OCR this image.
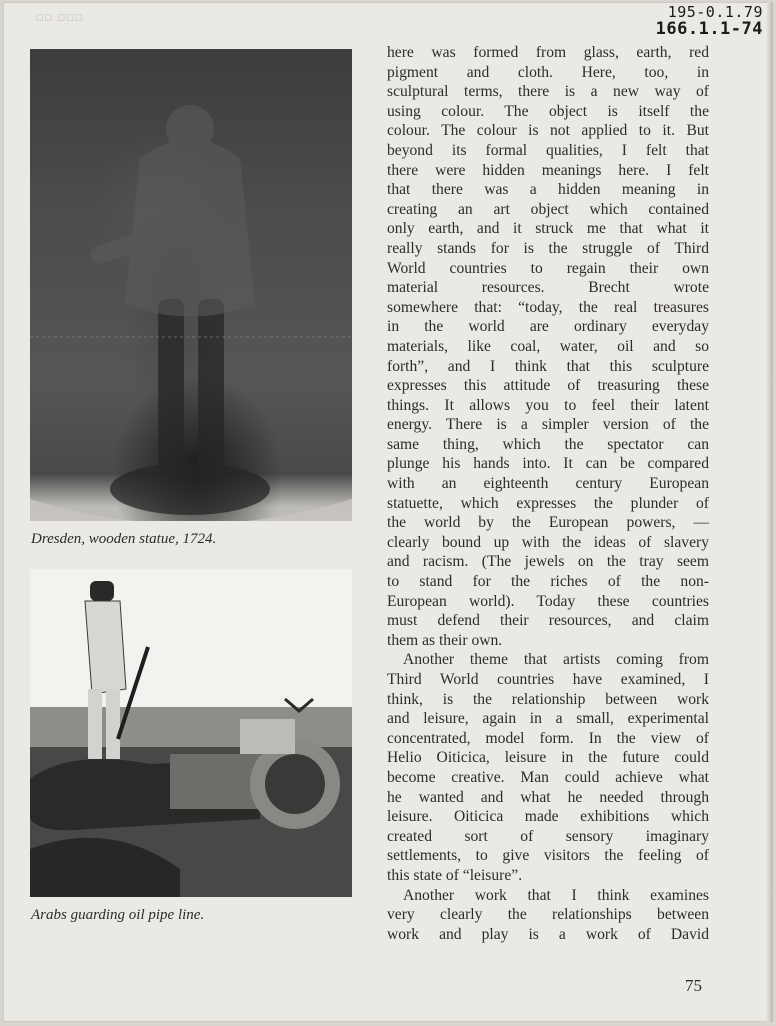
▫▫ ▫▫▫	195-0.1.79
166.1.1-74
Dresden, wooden statue, 1724.
Arabs guarding oil pipe line.
here was formed from glass, earth, red
pigment and cloth. Here, too, in
sculptural terms, there is a new way of
using colour. The object is itself the
colour. The colour is not applied to it. But
beyond its formal qualities, I felt that
there were hidden meanings here. I felt
that there was a hidden meaning in
creating an art object which contained
only earth, and it struck me that what it
really stands for is the struggle of Third
World countries to regain their own
material resources. Brecht wrote
somewhere that: “today, the real treasures
in the world are ordinary everyday
materials, like coal, water, oil and so
forth”, and I think that this sculpture
expresses this attitude of treasuring these
things. It allows you to feel their latent
energy. There is a simpler version of the
same thing, which the spectator can
plunge his hands into. It can be compared
with an eighteenth century European
statuette, which expresses the plunder of
the world by the European powers, —
clearly bound up with the ideas of slavery
and racism. (The jewels on the tray seem
to stand for the riches of the non-
European world). Today these countries
must defend their resources, and claim
them as their own.
Another theme that artists coming from
Third World countries have examined, I
think, is the relationship between work
and leisure, again in a small, experimental
concentrated, model form. In the view of
Helio Oiticica, leisure in the future could
become creative. Man could achieve what
he wanted and what he needed through
leisure. Oiticica made exhibitions which
created sort of sensory imaginary
settlements, to give visitors the feeling of
this state of “leisure”.
Another work that I think examines
very clearly the relationships between
work and play is a work of David
75
